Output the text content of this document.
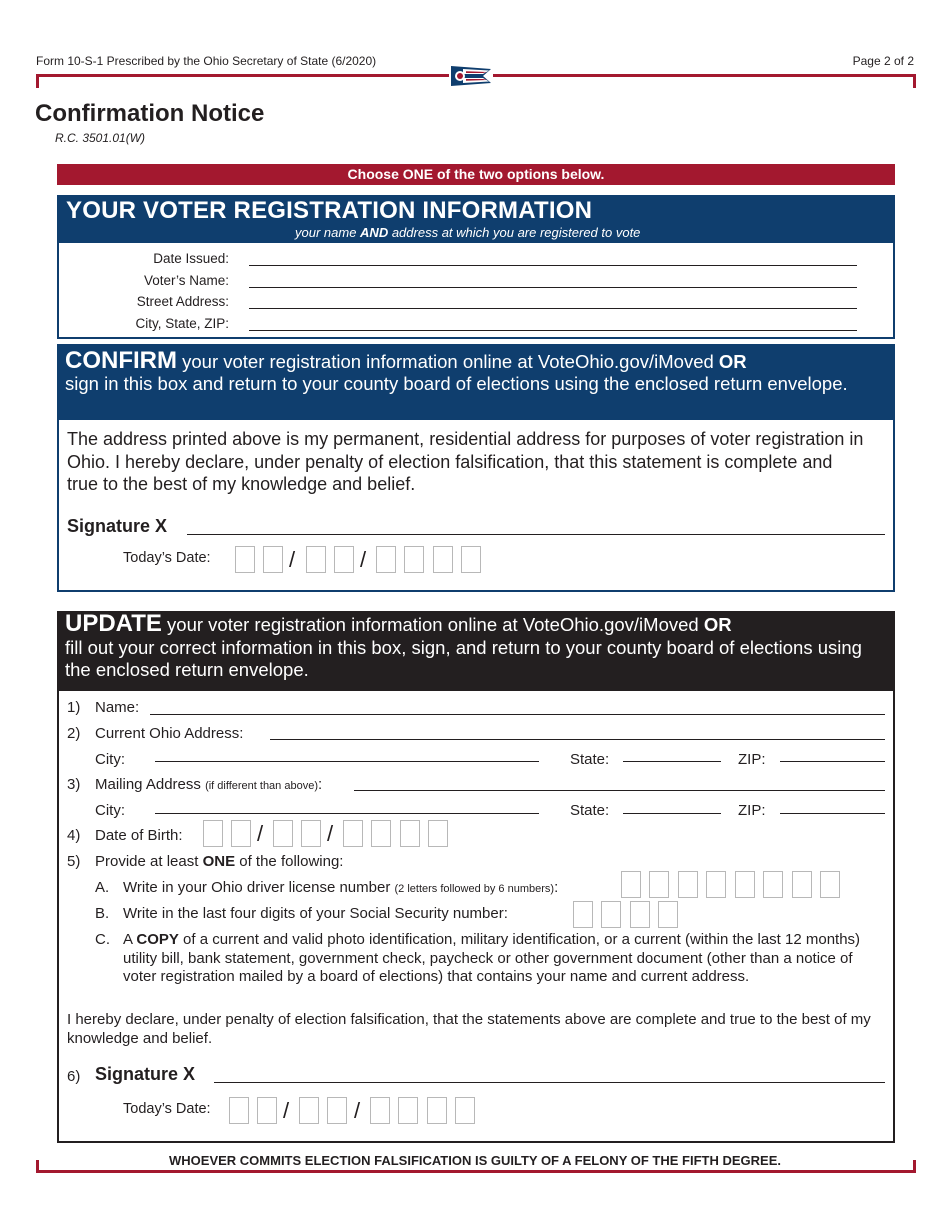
Form 10-S-1 Prescribed by the Ohio Secretary of State (6/2020)	Page 2 of 2
Confirmation Notice
R.C. 3501.01(W)
Choose ONE of the two options below.
YOUR VOTER REGISTRATION INFORMATION
your name AND address at which you are registered to vote
Date Issued:
Voter’s Name:
Street Address:
City, State, ZIP:
CONFIRM your voter registration information online at VoteOhio.gov/iMoved OR
sign in this box and return to your county board of elections using the enclosed return envelope.
The address printed above is my permanent, residential address for purposes of voter registration in Ohio. I hereby declare, under penalty of election falsification, that this statement is complete and true to the best of my knowledge and belief.
Signature X
Today’s Date:	/	/
UPDATE your voter registration information online at VoteOhio.gov/iMoved OR
fill out your correct information in this box, sign, and return to your county board of elections using the enclosed return envelope.
1) Name:
2) Current Ohio Address:
City:	State:	ZIP:
3) Mailing Address (if different than above):
City:	State:	ZIP:
4) Date of Birth:	/	/
5) Provide at least ONE of the following:
A. Write in your Ohio driver license number (2 letters followed by 6 numbers):
B. Write in the last four digits of your Social Security number:
C. A COPY of a current and valid photo identification, military identification, or a current (within the last 12 months) utility bill, bank statement, government check, paycheck or other government document (other than a notice of voter registration mailed by a board of elections) that contains your name and current address.
I hereby declare, under penalty of election falsification, that the statements above are complete and true to the best of my knowledge and belief.
6) Signature X
Today’s Date:	/	/
WHOEVER COMMITS ELECTION FALSIFICATION IS GUILTY OF A FELONY OF THE FIFTH DEGREE.
